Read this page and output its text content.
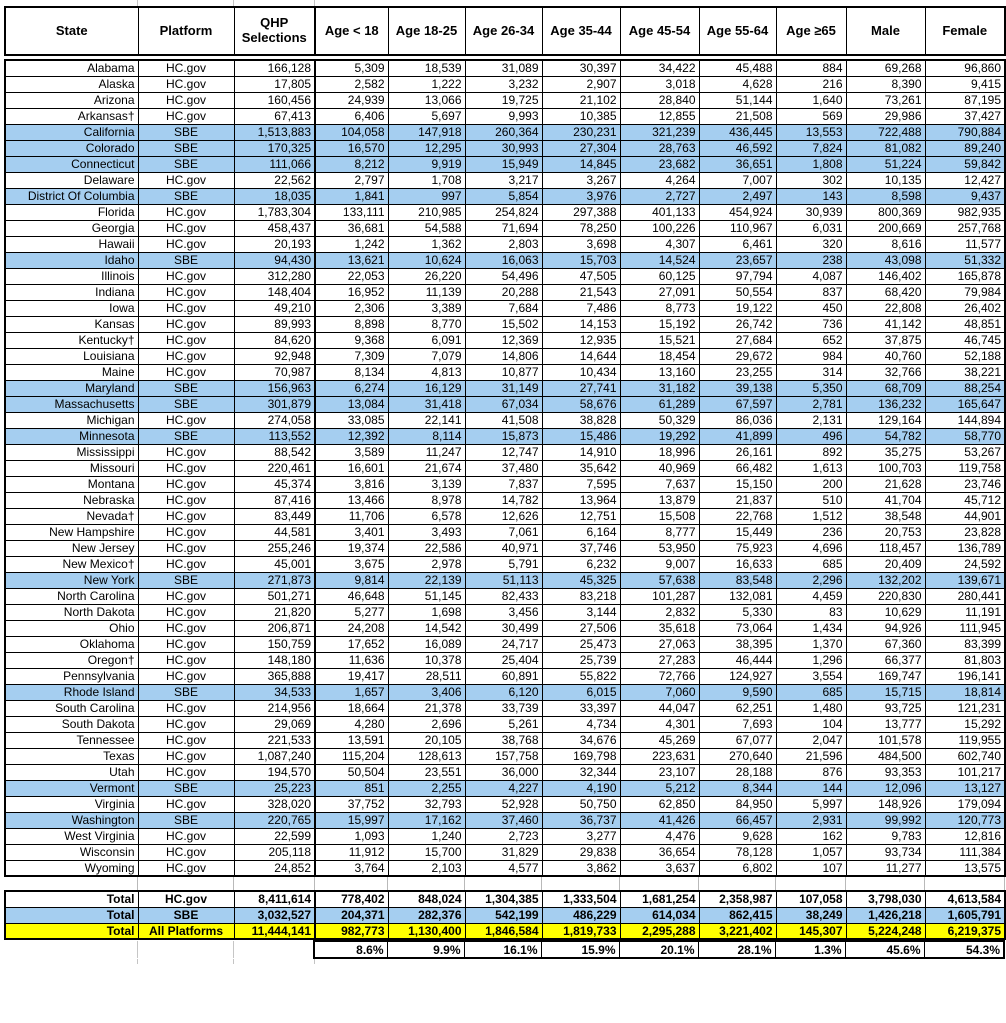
State	Platform	QHP Selections	Age < 18	Age 18-25	Age 26-34	Age 35-44	Age 45-54	Age 55-64	Age ≥65	Male	Female
Alabama	HC.gov	166,128	5,309	18,539	31,089	30,397	34,422	45,488	884	69,268	96,860
Alaska	HC.gov	17,805	2,582	1,222	3,232	2,907	3,018	4,628	216	8,390	9,415
Arizona	HC.gov	160,456	24,939	13,066	19,725	21,102	28,840	51,144	1,640	73,261	87,195
Arkansas†	HC.gov	67,413	6,406	5,697	9,993	10,385	12,855	21,508	569	29,986	37,427
California	SBE	1,513,883	104,058	147,918	260,364	230,231	321,239	436,445	13,553	722,488	790,884
Colorado	SBE	170,325	16,570	12,295	30,993	27,304	28,763	46,592	7,824	81,082	89,240
Connecticut	SBE	111,066	8,212	9,919	15,949	14,845	23,682	36,651	1,808	51,224	59,842
Delaware	HC.gov	22,562	2,797	1,708	3,217	3,267	4,264	7,007	302	10,135	12,427
District Of Columbia	SBE	18,035	1,841	997	5,854	3,976	2,727	2,497	143	8,598	9,437
Florida	HC.gov	1,783,304	133,111	210,985	254,824	297,388	401,133	454,924	30,939	800,369	982,935
Georgia	HC.gov	458,437	36,681	54,588	71,694	78,250	100,226	110,967	6,031	200,669	257,768
Hawaii	HC.gov	20,193	1,242	1,362	2,803	3,698	4,307	6,461	320	8,616	11,577
Idaho	SBE	94,430	13,621	10,624	16,063	15,703	14,524	23,657	238	43,098	51,332
Illinois	HC.gov	312,280	22,053	26,220	54,496	47,505	60,125	97,794	4,087	146,402	165,878
Indiana	HC.gov	148,404	16,952	11,139	20,288	21,543	27,091	50,554	837	68,420	79,984
Iowa	HC.gov	49,210	2,306	3,389	7,684	7,486	8,773	19,122	450	22,808	26,402
Kansas	HC.gov	89,993	8,898	8,770	15,502	14,153	15,192	26,742	736	41,142	48,851
Kentucky†	HC.gov	84,620	9,368	6,091	12,369	12,935	15,521	27,684	652	37,875	46,745
Louisiana	HC.gov	92,948	7,309	7,079	14,806	14,644	18,454	29,672	984	40,760	52,188
Maine	HC.gov	70,987	8,134	4,813	10,877	10,434	13,160	23,255	314	32,766	38,221
Maryland	SBE	156,963	6,274	16,129	31,149	27,741	31,182	39,138	5,350	68,709	88,254
Massachusetts	SBE	301,879	13,084	31,418	67,034	58,676	61,289	67,597	2,781	136,232	165,647
Michigan	HC.gov	274,058	33,085	22,141	41,508	38,828	50,329	86,036	2,131	129,164	144,894
Minnesota	SBE	113,552	12,392	8,114	15,873	15,486	19,292	41,899	496	54,782	58,770
Mississippi	HC.gov	88,542	3,589	11,247	12,747	14,910	18,996	26,161	892	35,275	53,267
Missouri	HC.gov	220,461	16,601	21,674	37,480	35,642	40,969	66,482	1,613	100,703	119,758
Montana	HC.gov	45,374	3,816	3,139	7,837	7,595	7,637	15,150	200	21,628	23,746
Nebraska	HC.gov	87,416	13,466	8,978	14,782	13,964	13,879	21,837	510	41,704	45,712
Nevada†	HC.gov	83,449	11,706	6,578	12,626	12,751	15,508	22,768	1,512	38,548	44,901
New Hampshire	HC.gov	44,581	3,401	3,493	7,061	6,164	8,777	15,449	236	20,753	23,828
New Jersey	HC.gov	255,246	19,374	22,586	40,971	37,746	53,950	75,923	4,696	118,457	136,789
New Mexico†	HC.gov	45,001	3,675	2,978	5,791	6,232	9,007	16,633	685	20,409	24,592
New York	SBE	271,873	9,814	22,139	51,113	45,325	57,638	83,548	2,296	132,202	139,671
North Carolina	HC.gov	501,271	46,648	51,145	82,433	83,218	101,287	132,081	4,459	220,830	280,441
North Dakota	HC.gov	21,820	5,277	1,698	3,456	3,144	2,832	5,330	83	10,629	11,191
Ohio	HC.gov	206,871	24,208	14,542	30,499	27,506	35,618	73,064	1,434	94,926	111,945
Oklahoma	HC.gov	150,759	17,652	16,089	24,717	25,473	27,063	38,395	1,370	67,360	83,399
Oregon†	HC.gov	148,180	11,636	10,378	25,404	25,739	27,283	46,444	1,296	66,377	81,803
Pennsylvania	HC.gov	365,888	19,417	28,511	60,891	55,822	72,766	124,927	3,554	169,747	196,141
Rhode Island	SBE	34,533	1,657	3,406	6,120	6,015	7,060	9,590	685	15,715	18,814
South Carolina	HC.gov	214,956	18,664	21,378	33,739	33,397	44,047	62,251	1,480	93,725	121,231
South Dakota	HC.gov	29,069	4,280	2,696	5,261	4,734	4,301	7,693	104	13,777	15,292
Tennessee	HC.gov	221,533	13,591	20,105	38,768	34,676	45,269	67,077	2,047	101,578	119,955
Texas	HC.gov	1,087,240	115,204	128,613	157,758	169,798	223,631	270,640	21,596	484,500	602,740
Utah	HC.gov	194,570	50,504	23,551	36,000	32,344	23,107	28,188	876	93,353	101,217
Vermont	SBE	25,223	851	2,255	4,227	4,190	5,212	8,344	144	12,096	13,127
Virginia	HC.gov	328,020	37,752	32,793	52,928	50,750	62,850	84,950	5,997	148,926	179,094
Washington	SBE	220,765	15,997	17,162	37,460	36,737	41,426	66,457	2,931	99,992	120,773
West Virginia	HC.gov	22,599	1,093	1,240	2,723	3,277	4,476	9,628	162	9,783	12,816
Wisconsin	HC.gov	205,118	11,912	15,700	31,829	29,838	36,654	78,128	1,057	93,734	111,384
Wyoming	HC.gov	24,852	3,764	2,103	4,577	3,862	3,637	6,802	107	11,277	13,575

Total	HC.gov	8,411,614	778,402	848,024	1,304,385	1,333,504	1,681,254	2,358,987	107,058	3,798,030	4,613,584
Total	SBE	3,032,527	204,371	282,376	542,199	486,229	614,034	862,415	38,249	1,426,218	1,605,791
Total	All Platforms	11,444,141	982,773	1,130,400	1,846,584	1,819,733	2,295,288	3,221,402	145,307	5,224,248	6,219,375
			8.6%	9.9%	16.1%	15.9%	20.1%	28.1%	1.3%	45.6%	54.3%
